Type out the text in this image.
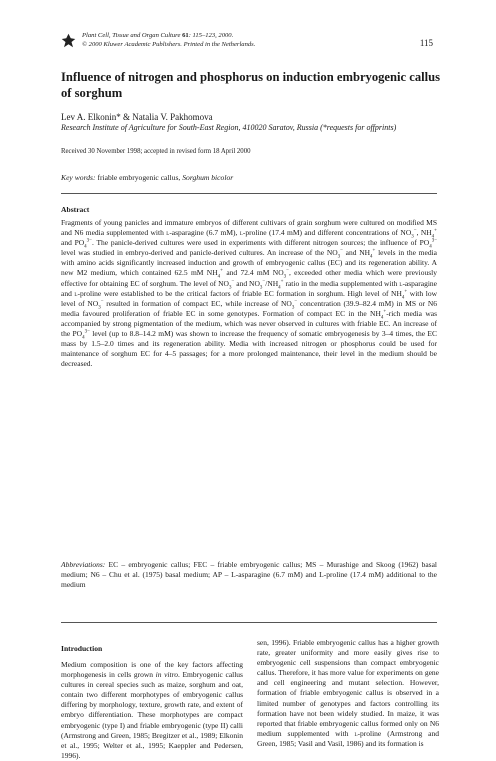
Plant Cell, Tissue and Organ Culture 61: 115–123, 2000.
© 2000 Kluwer Academic Publishers. Printed in the Netherlands.	115
Influence of nitrogen and phosphorus on induction embryogenic callus of sorghum
Lev A. Elkonin* & Natalia V. Pakhomova
Research Institute of Agriculture for South-East Region, 410020 Saratov, Russia (*requests for offprints)
Received 30 November 1998; accepted in revised form 18 April 2000
Key words: friable embryogenic callus, Sorghum bicolor
Abstract
Fragments of young panicles and immature embryos of different cultivars of grain sorghum were cultured on modified MS and N6 media supplemented with l-asparagine (6.7 mM), l-proline (17.4 mM) and different concentrations of $NO_3^-$, $NH_4^+$ and $PO_4^{3-}$. The panicle-derived cultures were used in experiments with different nitrogen sources; the influence of $PO_4^{3-}$ level was studied in embryo-derived and panicle-derived cultures. An increase of the $NO_3^-$ and $NH_4^+$ levels in the media with amino acids significantly increased induction and growth of embryogenic callus (EC) and its regeneration ability. A new M2 medium, which contained 62.5 mM $NH_4^+$ and 72.4 mM $NO_3^-$, exceeded other media which were previously effective for obtaining EC of sorghum. The level of $NO_3^-$ and $NO_3^-/NH_4^+$ ratio in the media supplemented with l-asparagine and l-proline were established to be the critical factors of friable EC formation in sorghum. High level of $NH_4^+$ with low level of $NO_3^-$ resulted in formation of compact EC, while increase of $NO_3^-$ concentration (39.9–82.4 mM) in MS or N6 media favoured proliferation of friable EC in some genotypes. Formation of compact EC in the $NH_4^+$-rich media was accompanied by strong pigmentation of the medium, which was never observed in cultures with friable EC. An increase of the $PO_4^{3-}$ level (up to 8.8–14.2 mM) was shown to increase the frequency of somatic embryogenesis by 3–4 times, the EC mass by 1.5–2.0 times and its regeneration ability. Media with increased nitrogen or phosphorus could be used for maintenance of sorghum EC for 4–5 passages; for a more prolonged maintenance, their level in the medium should be decreased.
Abbreviations: EC – embryogenic callus; FEC – friable embryogenic callus; MS – Murashige and Skoog (1962) basal medium; N6 – Chu et al. (1975) basal medium; AP – L-asparagine (6.7 mM) and L-proline (17.4 mM) additional to the medium
Introduction
Medium composition is one of the key factors affecting morphogenesis in cells grown in vitro. Embryogenic callus cultures in cereal species such as maize, sorghum and oat, contain two different morphotypes of embryogenic callus differing by morphology, texture, growth rate, and extent of embryo differentiation. These morphotypes are compact embryogenic (type I) and friable embryogenic (type II) calli (Armstrong and Green, 1985; Bregitzer et al., 1989; Elkonin et al., 1995; Welter et al., 1995; Kaeppler and Pedersen, 1996).
sen, 1996). Friable embryogenic callus has a higher growth rate, greater uniformity and more easily gives rise to embryogenic cell suspensions than compact embryogenic callus. Therefore, it has more value for experiments on gene and cell engineering and mutant selection. However, formation of friable embryogenic callus is observed in a limited number of genotypes and factors controlling its formation have not been widely studied. In maize, it was reported that friable embryogenic callus formed only on N6 medium supplemented with l-proline (Armstrong and Green, 1985; Vasil and Vasil, 1986) and its formation is
